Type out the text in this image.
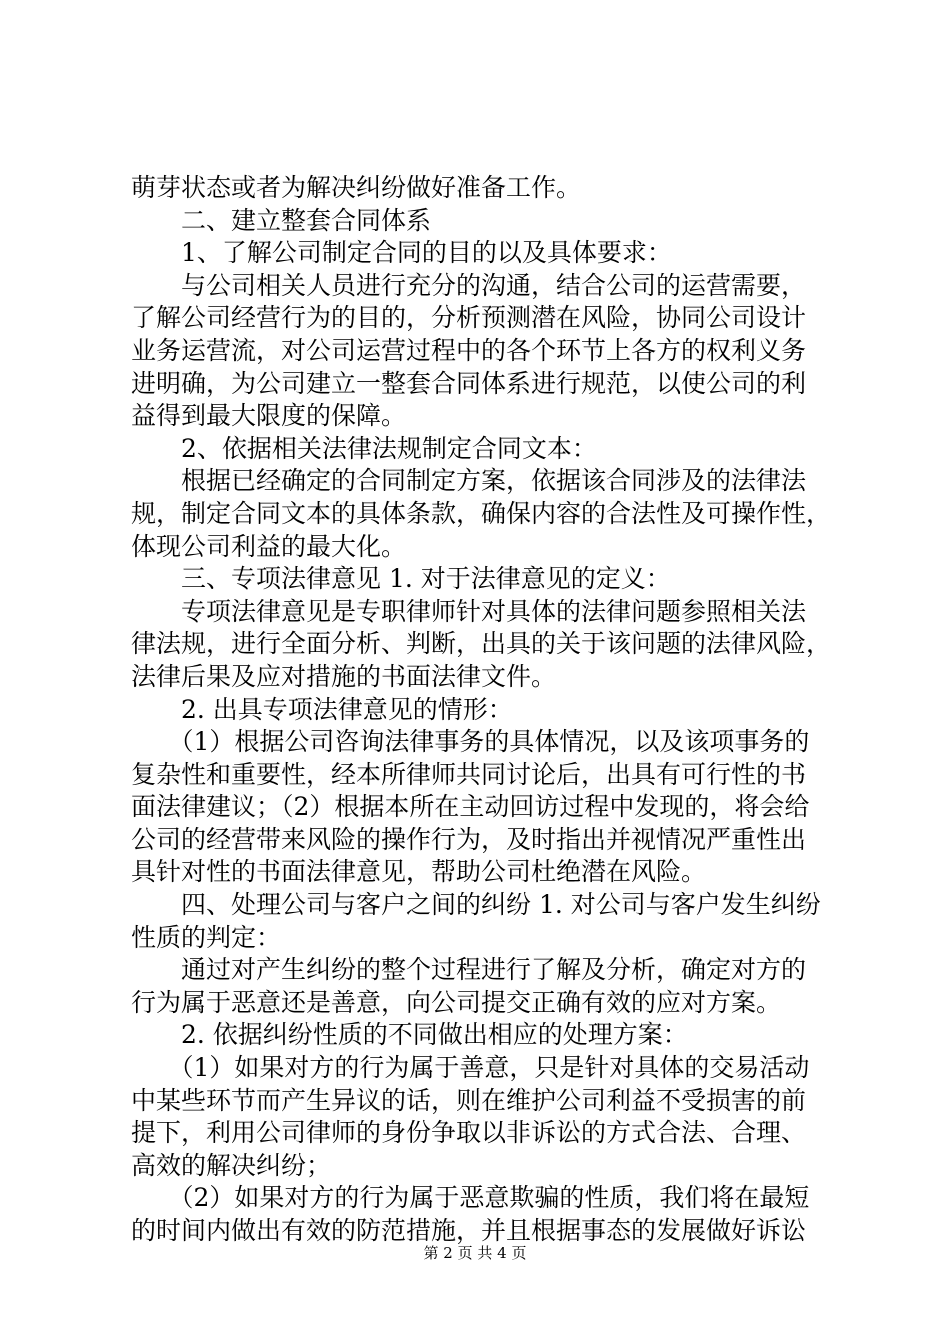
萌芽状态或者为解决纠纷做好准备工作。
　　二、建立整套合同体系
　　1、了解公司制定合同的目的以及具体要求：
　　与公司相关人员进行充分的沟通，结合公司的运营需要，
了解公司经营行为的目的，分析预测潜在风险，协同公司设计
业务运营流，对公司运营过程中的各个环节上各方的权利义务
进明确，为公司建立一整套合同体系进行规范，以使公司的利
益得到最大限度的保障。
　　2、依据相关法律法规制定合同文本：
　　根据已经确定的合同制定方案，依据该合同涉及的法律法
规，制定合同文本的具体条款，确保内容的合法性及可操作性，
体现公司利益的最大化。
　　三、专项法律意见 1. 对于法律意见的定义：
　　专项法律意见是专职律师针对具体的法律问题参照相关法
律法规，进行全面分析、判断，出具的关于该问题的法律风险，
法律后果及应对措施的书面法律文件。
　　2. 出具专项法律意见的情形：
　　（1）根据公司咨询法律事务的具体情况，以及该项事务的
复杂性和重要性，经本所律师共同讨论后，出具有可行性的书
面法律建议；（2）根据本所在主动回访过程中发现的，将会给
公司的经营带来风险的操作行为，及时指出并视情况严重性出
具针对性的书面法律意见，帮助公司杜绝潜在风险。
　　四、处理公司与客户之间的纠纷 1. 对公司与客户发生纠纷
性质的判定：
　　通过对产生纠纷的整个过程进行了解及分析，确定对方的
行为属于恶意还是善意，向公司提交正确有效的应对方案。
　　2. 依据纠纷性质的不同做出相应的处理方案：
　　（1）如果对方的行为属于善意，只是针对具体的交易活动
中某些环节而产生异议的话，则在维护公司利益不受损害的前
提下，利用公司律师的身份争取以非诉讼的方式合法、合理、
高效的解决纠纷；
　　（2）如果对方的行为属于恶意欺骗的性质，我们将在最短
的时间内做出有效的防范措施，并且根据事态的发展做好诉讼
第 2 页 共 4 页
